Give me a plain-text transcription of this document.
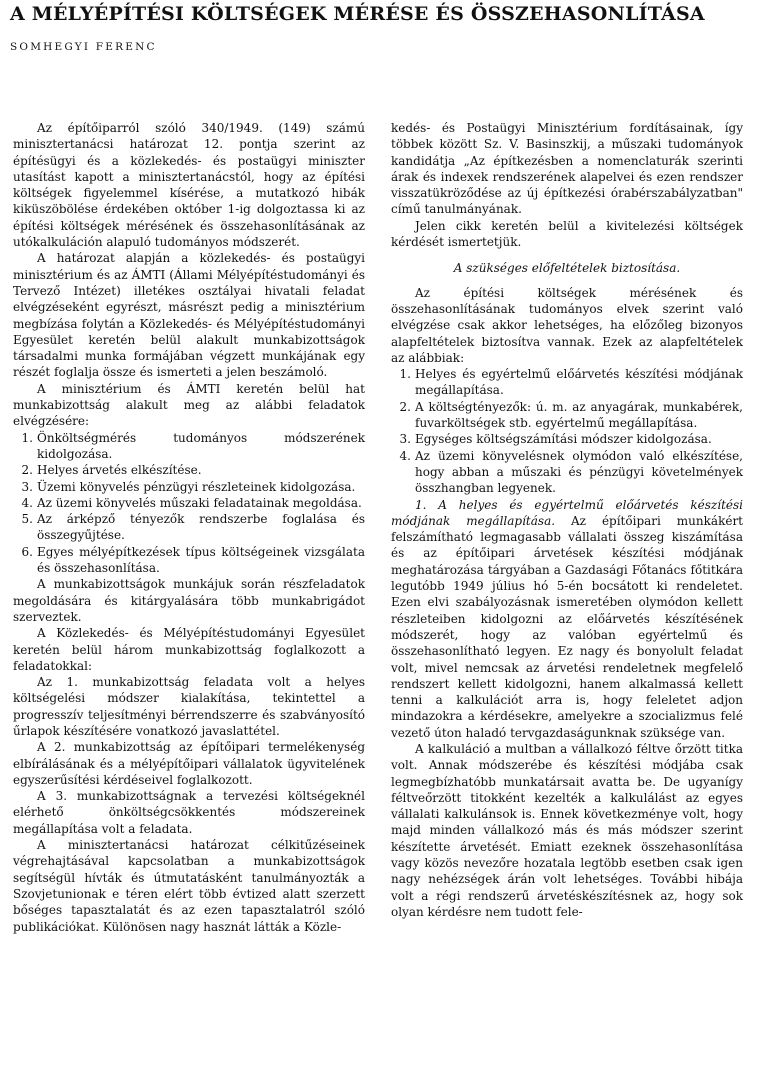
A MÉLYÉPÍTÉSI KÖLTSÉGEK MÉRÉSE ÉS ÖSSZEHASONLÍTÁSA
SOMHEGYI FERENC

Az építőiparról szóló 340/1949. (149) számú minisztertanácsi határozat 12. pontja szerint az építésügyi és a közlekedés- és postaügyi miniszter utasítást kapott a minisztertanácstól, hogy az építési költségek figyelemmel kísérése, a mutatkozó hibák kiküszöbölése érdekében október 1-ig dolgoztassa ki az építési költségek mérésének és összehasonlításának az utókalkuláción alapuló tudományos módszerét.

A határozat alapján a közlekedés- és postaügyi minisztérium és az ÁMTI (Állami Mélyépítéstudományi és Tervező Intézet) illetékes osztályai hivatali feladat elvégzéseként egyrészt, másrészt pedig a minisztérium megbízása folytán a Közlekedés- és Mélyépítéstudományi Egyesület keretén belül alakult munkabizottságok társadalmi munka formájában végzett munkájának egy részét foglalja össze és ismerteti a jelen beszámoló.

A minisztérium és ÁMTI keretén belül hat munkabizottság alakult meg az alábbi feladatok elvégzésére:

1. Önköltségmérés tudományos módszerének kidolgozása.

2. Helyes árvetés elkészítése.

3. Üzemi könyvelés pénzügyi részleteinek kidolgozása.

4. Az üzemi könyvelés műszaki feladatainak megoldása.

5. Az árképző tényezők rendszerbe foglalása és összegyűjtése.

6. Egyes mélyépítkezések típus költségeinek vizsgálata és összehasonlítása.

A munkabizottságok munkájuk során részfeladatok megoldására és kitárgyalására több munkabrigádot szerveztek.

A Közlekedés- és Mélyépítéstudományi Egyesület keretén belül három munkabizottság foglalkozott a feladatokkal:

Az 1. munkabizottság feladata volt a helyes költségelési módszer kialakítása, tekintettel a progresszív teljesítményi bérrendszerre és szabványosító űrlapok készítésére vonatkozó javaslattétel.

A 2. munkabizottság az építőipari termelékenység elbírálásának és a mélyépítőipari vállalatok ügyvitelének egyszerűsítési kérdéseivel foglalkozott.

A 3. munkabizottságnak a tervezési költségeknél elérhető önköltségcsökkentés módszereinek megállapítása volt a feladata.

A minisztertanácsi határozat célkitűzéseinek végrehajtásával kapcsolatban a munkabizottságok segítségül hívták és útmutatásként tanulmányozták a Szovjetunionak e téren elért több évtized alatt szerzett bőséges tapasztalatát és az ezen tapasztalatról szóló publikációkat. Különösen nagy hasznát látták a Közle-

kedés- és Postaügyi Minisztérium fordításainak, így többek között Sz. V. Basinszkij, a műszaki tudományok kandidátja „Az építkezésben a nomenclaturák szerinti árak és indexek rendszerének alapelvei és ezen rendszer visszatükröződése az új építkezési órabérszabályzatban" című tanulmányának.

Jelen cikk keretén belül a kivitelezési költségek kérdését ismertetjük.

A szükséges előfeltételek biztosítása.

Az építési költségek mérésének és összehasonlításának tudományos elvek szerint való elvégzése csak akkor lehetséges, ha előzőleg bizonyos alapfeltételek biztosítva vannak. Ezek az alapfeltételek az alábbiak:

1. Helyes és egyértelmű előárvetés készítési módjának megállapítása.

2. A költségtényezők: ú. m. az anyagárak, munkabérek, fuvarköltségek stb. egyértelmű megállapítása.

3. Egységes költségszámítási módszer kidolgozása.

4. Az üzemi könyvelésnek olymódon való elkészítése, hogy abban a műszaki és pénzügyi követelmények összhangban legyenek.

1. A helyes és egyértelmű előárvetés készítési módjának megállapítása. Az építőipari munkákért felszámítható legmagasabb vállalati összeg kiszámítása és az építőipari árvetések készítési módjának meghatározása tárgyában a Gazdasági Főtanács főtitkára legutóbb 1949 július hó 5-én bocsátott ki rendeletet. Ezen elvi szabályozásnak ismeretében olymódon kellett részleteiben kidolgozni az előárvetés készítésének módszerét, hogy az valóban egyértelmű és összehasonlítható legyen. Ez nagy és bonyolult feladat volt, mivel nemcsak az árvetési rendeletnek megfelelő rendszert kellett kidolgozni, hanem alkalmassá kellett tenni a kalkulációt arra is, hogy feleletet adjon mindazokra a kérdésekre, amelyekre a szocializmus felé vezető úton haladó tervgazdaságunknak szüksége van.

A kalkuláció a multban a vállalkozó féltve őrzött titka volt. Annak módszerébe és készítési módjába csak legmegbízhatóbb munkatársait avatta be. De ugyanígy féltveőrzött titokként kezelték a kalkulálást az egyes vállalati kalkulánsok is. Ennek következménye volt, hogy majd minden vállalkozó más és más módszer szerint készítette árvetését. Emiatt ezeknek összehasonlítása vagy közös nevezőre hozatala legtöbb esetben csak igen nagy nehézségek árán volt lehetséges. További hibája volt a régi rendszerű árvetéskészítésnek az, hogy sok olyan kérdésre nem tudott fele-
